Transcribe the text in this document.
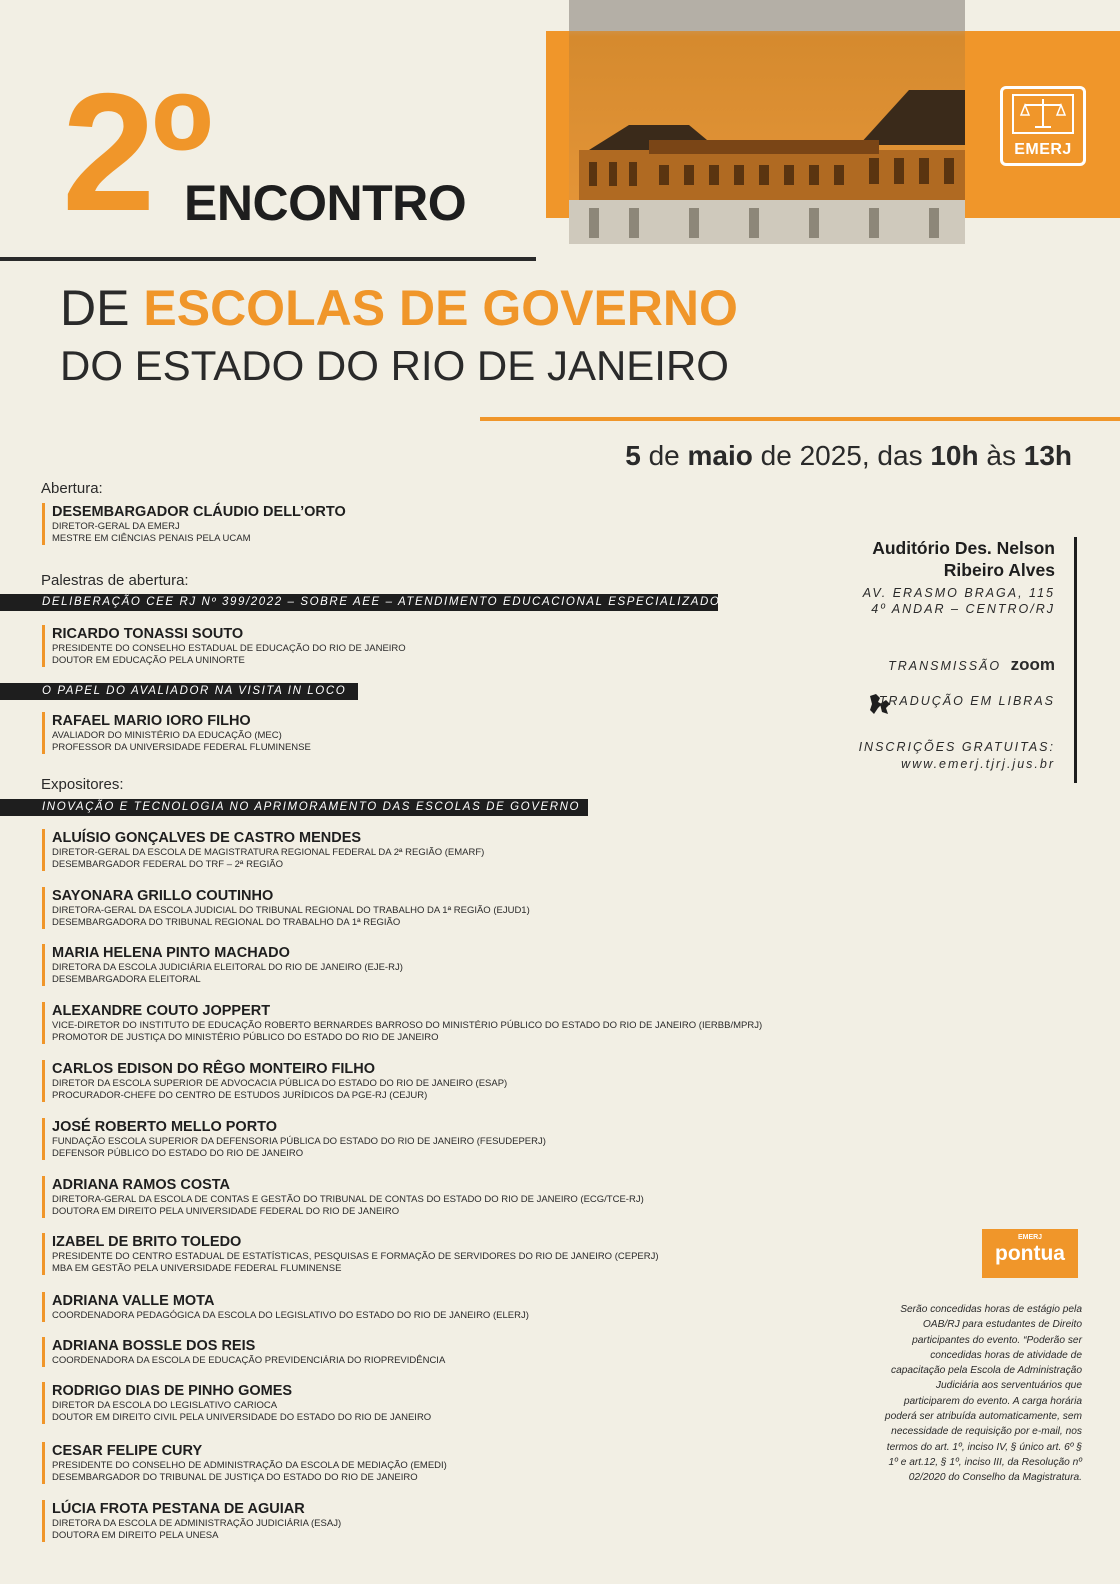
EMERJ
2º
ENCONTRO
DE ESCOLAS DE GOVERNO
DO ESTADO DO RIO DE JANEIRO
5 de maio de 2025, das 10h às 13h
Abertura:
DESEMBARGADOR CLÁUDIO DELL’ORTO
DIRETOR-GERAL DA EMERJ
MESTRE EM CIÊNCIAS PENAIS PELA UCAM
Palestras de abertura:
DELIBERAÇÃO CEE RJ Nº 399/2022 – SOBRE AEE – ATENDIMENTO EDUCACIONAL ESPECIALIZADO
RICARDO TONASSI SOUTO
PRESIDENTE DO CONSELHO ESTADUAL DE EDUCAÇÃO DO RIO DE JANEIRO
DOUTOR EM EDUCAÇÃO PELA UNINORTE
O PAPEL DO AVALIADOR NA VISITA IN LOCO
RAFAEL MARIO IORO FILHO
AVALIADOR DO MINISTÉRIO DA EDUCAÇÃO (MEC)
PROFESSOR DA UNIVERSIDADE FEDERAL FLUMINENSE
Expositores:
INOVAÇÃO E TECNOLOGIA NO APRIMORAMENTO DAS ESCOLAS DE GOVERNO
ALUÍSIO GONÇALVES DE CASTRO MENDES
DIRETOR-GERAL DA ESCOLA DE MAGISTRATURA REGIONAL FEDERAL DA 2ª REGIÃO (EMARF)
DESEMBARGADOR FEDERAL DO TRF – 2ª REGIÃO
SAYONARA GRILLO COUTINHO
DIRETORA-GERAL DA ESCOLA JUDICIAL DO TRIBUNAL REGIONAL DO TRABALHO DA 1ª REGIÃO (EJUD1)
DESEMBARGADORA DO TRIBUNAL REGIONAL DO TRABALHO DA 1ª REGIÃO
MARIA HELENA PINTO MACHADO
DIRETORA DA ESCOLA JUDICIÁRIA ELEITORAL DO RIO DE JANEIRO (EJE-RJ)
DESEMBARGADORA ELEITORAL
ALEXANDRE COUTO JOPPERT
VICE-DIRETOR DO INSTITUTO DE EDUCAÇÃO ROBERTO BERNARDES BARROSO DO MINISTÉRIO PÚBLICO DO ESTADO DO RIO DE JANEIRO (IERBB/MPRJ)
PROMOTOR DE JUSTIÇA DO MINISTÉRIO PÚBLICO DO ESTADO DO RIO DE JANEIRO
CARLOS EDISON DO RÊGO MONTEIRO FILHO
DIRETOR DA ESCOLA SUPERIOR DE ADVOCACIA PÚBLICA DO ESTADO DO RIO DE JANEIRO (ESAP)
PROCURADOR-CHEFE DO CENTRO DE ESTUDOS JURÍDICOS DA PGE-RJ (CEJUR)
JOSÉ ROBERTO MELLO PORTO
FUNDAÇÃO ESCOLA SUPERIOR DA DEFENSORIA PÚBLICA DO ESTADO DO RIO DE JANEIRO (FESUDEPERJ)
DEFENSOR PÚBLICO DO ESTADO DO RIO DE JANEIRO
ADRIANA RAMOS COSTA
DIRETORA-GERAL DA ESCOLA DE CONTAS E GESTÃO DO TRIBUNAL DE CONTAS DO ESTADO DO RIO DE JANEIRO (ECG/TCE-RJ)
DOUTORA EM DIREITO PELA UNIVERSIDADE FEDERAL DO RIO DE JANEIRO
IZABEL DE BRITO TOLEDO
PRESIDENTE DO CENTRO ESTADUAL DE ESTATÍSTICAS, PESQUISAS E FORMAÇÃO DE SERVIDORES DO RIO DE JANEIRO (CEPERJ)
MBA EM GESTÃO PELA UNIVERSIDADE FEDERAL FLUMINENSE
ADRIANA VALLE MOTA
COORDENADORA PEDAGÓGICA DA ESCOLA DO LEGISLATIVO DO ESTADO DO RIO DE JANEIRO (ELERJ)
ADRIANA BOSSLE DOS REIS
COORDENADORA DA ESCOLA DE EDUCAÇÃO PREVIDENCIÁRIA DO RIOPREVIDÊNCIA
RODRIGO DIAS DE PINHO GOMES
DIRETOR DA ESCOLA DO LEGISLATIVO CARIOCA
DOUTOR EM DIREITO CIVIL PELA UNIVERSIDADE DO ESTADO DO RIO DE JANEIRO
CESAR FELIPE CURY
PRESIDENTE DO CONSELHO DE ADMINISTRAÇÃO DA ESCOLA DE MEDIAÇÃO (EMEDI)
DESEMBARGADOR DO TRIBUNAL DE JUSTIÇA DO ESTADO DO RIO DE JANEIRO
LÚCIA FROTA PESTANA DE AGUIAR
DIRETORA DA ESCOLA DE ADMINISTRAÇÃO JUDICIÁRIA (ESAJ)
DOUTORA EM DIREITO PELA UNESA
Auditório Des. Nelson
Ribeiro Alves
AV. ERASMO BRAGA, 115
4º ANDAR – CENTRO/RJ
TRANSMISSÃO zoom
TRADUÇÃO EM LIBRAS
INSCRIÇÕES GRATUITAS:
www.emerj.tjrj.jus.br
EMERJ
pontua
Serão concedidas horas de estágio pela OAB/RJ para estudantes de Direito participantes do evento. “Poderão ser concedidas horas de atividade de capacitação pela Escola de Administração Judiciária aos serventuários que participarem do evento. A carga horária poderá ser atribuída automaticamente, sem necessidade de requisição por e-mail, nos termos do art. 1º, inciso IV, § único art. 6º § 1º e art.12, § 1º, inciso III, da Resolução nº 02/2020 do Conselho da Magistratura.
